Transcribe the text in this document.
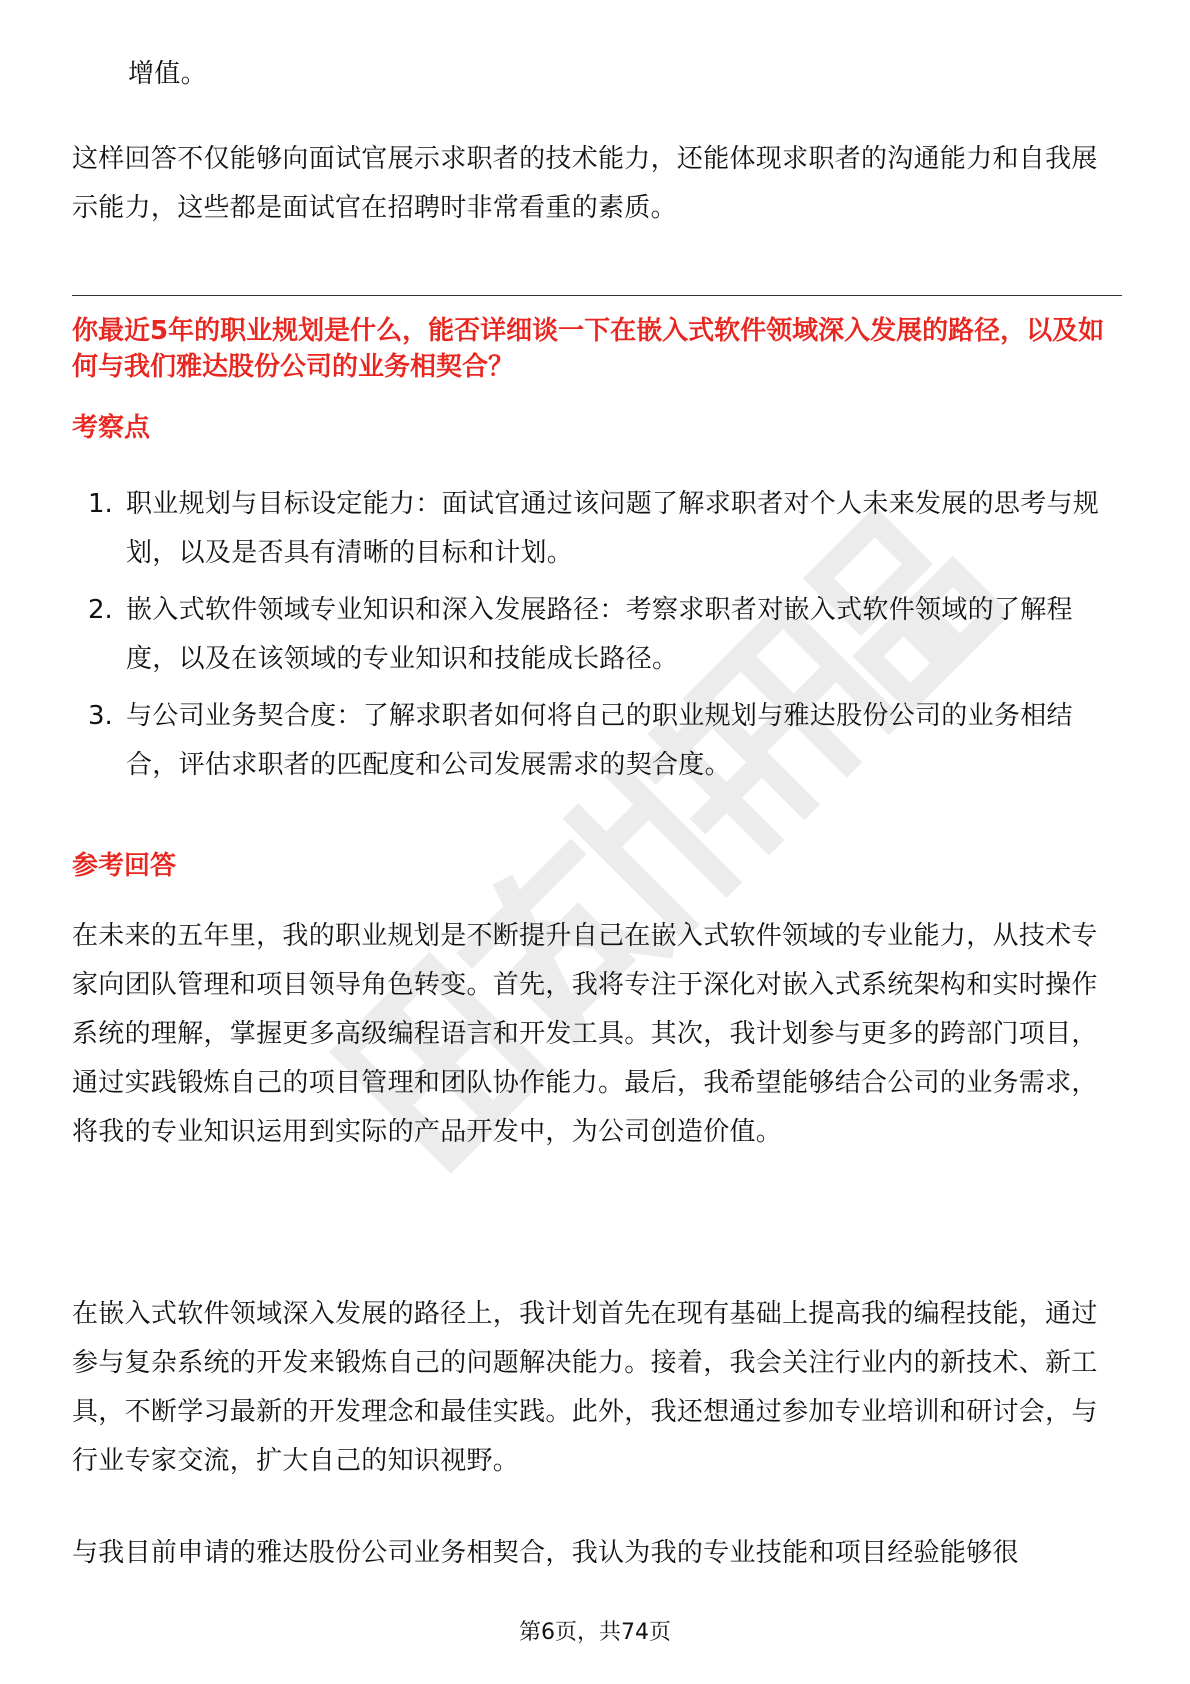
增值。

这样回答不仅能够向面试官展示求职者的技术能力，还能体现求职者的沟通能力和自我展示能力，这些都是面试官在招聘时非常看重的素质。

你最近5年的职业规划是什么，能否详细谈一下在嵌入式软件领域深入发展的路径，以及如何与我们雅达股份公司的业务相契合？

考察点

1. 职业规划与目标设定能力：面试官通过该问题了解求职者对个人未来发展的思考与规划，以及是否具有清晰的目标和计划。

2. 嵌入式软件领域专业知识和深入发展路径：考察求职者对嵌入式软件领域的了解程度，以及在该领域的专业知识和技能成长路径。

3. 与公司业务契合度：了解求职者如何将自己的职业规划与雅达股份公司的业务相结合，评估求职者的匹配度和公司发展需求的契合度。

参考回答

在未来的五年里，我的职业规划是不断提升自己在嵌入式软件领域的专业能力，从技术专家向团队管理和项目领导角色转变。首先，我将专注于深化对嵌入式系统架构和实时操作系统的理解，掌握更多高级编程语言和开发工具。其次，我计划参与更多的跨部门项目，通过实践锻炼自己的项目管理和团队协作能力。最后，我希望能够结合公司的业务需求，将我的专业知识运用到实际的产品开发中，为公司创造价值。

在嵌入式软件领域深入发展的路径上，我计划首先在现有基础上提高我的编程技能，通过参与复杂系统的开发来锻炼自己的问题解决能力。接着，我会关注行业内的新技术、新工具，不断学习最新的开发理念和最佳实践。此外，我还想通过参加专业培训和研讨会，与行业专家交流，扩大自己的知识视野。

与我目前申请的雅达股份公司业务相契合，我认为我的专业技能和项目经验能够很

第6页，共74页
